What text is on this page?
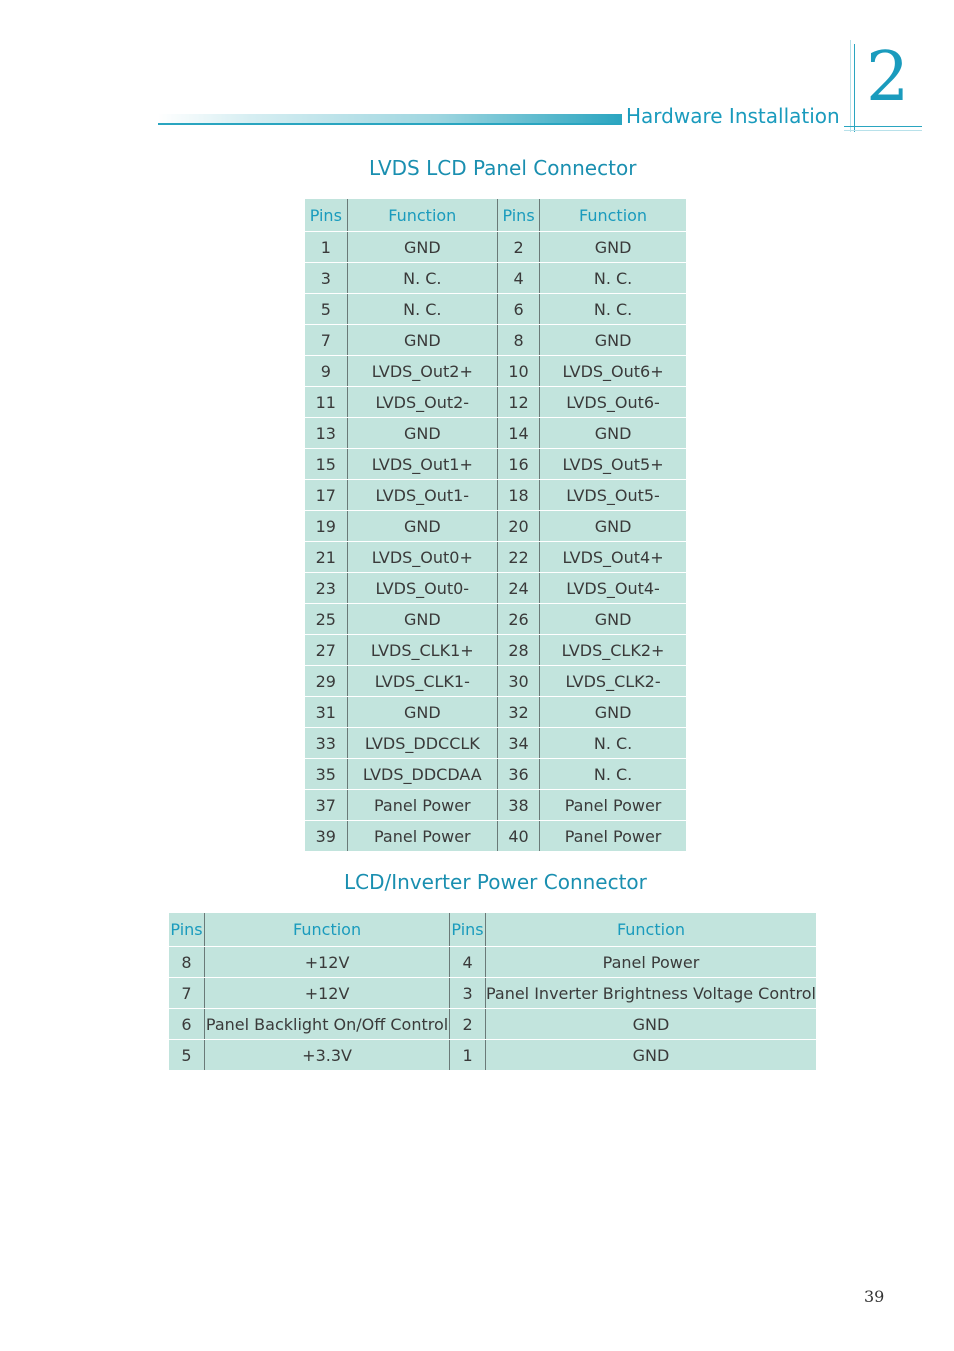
Hardware Installation 2
LVDS LCD Panel Connector
Pins	Function	Pins	Function
1	GND	2	GND
3	N. C.	4	N. C.
5	N. C.	6	N. C.
7	GND	8	GND
9	LVDS_Out2+	10	LVDS_Out6+
11	LVDS_Out2-	12	LVDS_Out6-
13	GND	14	GND
15	LVDS_Out1+	16	LVDS_Out5+
17	LVDS_Out1-	18	LVDS_Out5-
19	GND	20	GND
21	LVDS_Out0+	22	LVDS_Out4+
23	LVDS_Out0-	24	LVDS_Out4-
25	GND	26	GND
27	LVDS_CLK1+	28	LVDS_CLK2+
29	LVDS_CLK1-	30	LVDS_CLK2-
31	GND	32	GND
33	LVDS_DDCCLK	34	N. C.
35	LVDS_DDCDAA	36	N. C.
37	Panel Power	38	Panel Power
39	Panel Power	40	Panel Power
LCD/Inverter Power Connector
Pins	Function	Pins	Function
8	+12V	4	Panel Power
7	+12V	3	Panel Inverter Brightness Voltage Control
6	Panel Backlight On/Off Control	2	GND
5	+3.3V	1	GND
39
